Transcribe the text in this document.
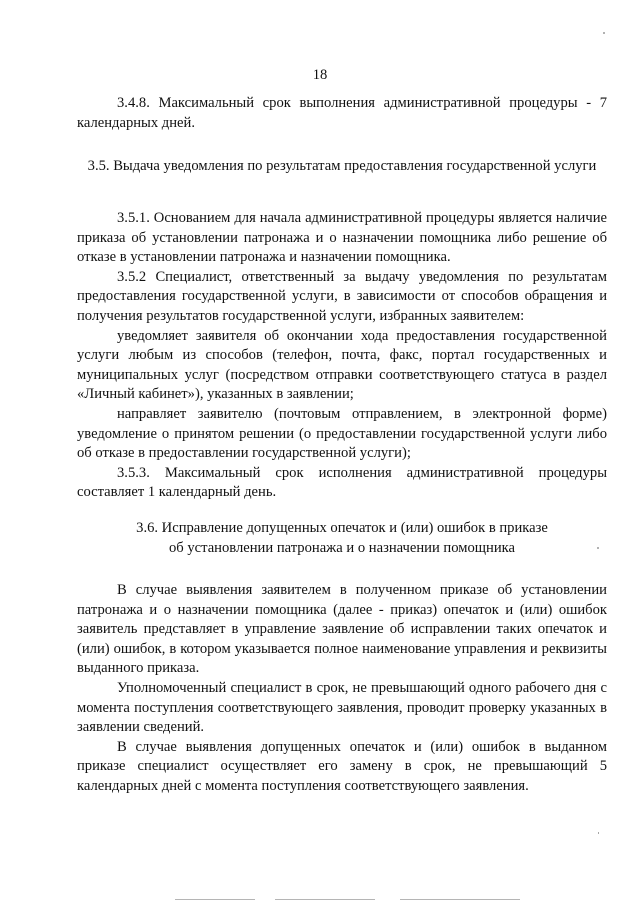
18

3.4.8. Максимальный срок выполнения административной процедуры - 7 календарных дней.

3.5. Выдача уведомления по результатам предоставления государственной услуги

3.5.1. Основанием для начала административной процедуры является наличие приказа об установлении патронажа и о назначении помощника либо решение об отказе в установлении патронажа и назначении помощника.

3.5.2 Специалист, ответственный за выдачу уведомления по результатам предоставления государственной услуги, в зависимости от способов обращения и получения результатов государственной услуги, избранных заявителем:

уведомляет заявителя об окончании хода предоставления государственной услуги любым из способов (телефон, почта, факс, портал государственных и муниципальных услуг (посредством отправки соответствующего статуса в раздел «Личный кабинет»), указанных в заявлении;

направляет заявителю (почтовым отправлением, в электронной форме) уведомление о принятом решении (о предоставлении государственной услуги либо об отказе в предоставлении государственной услуги);

3.5.3. Максимальный срок исполнения административной процедуры составляет 1 календарный день.

3.6. Исправление допущенных опечаток и (или) ошибок в приказе об установлении патронажа и о назначении помощника

В случае выявления заявителем в полученном приказе об установлении патронажа и о назначении помощника (далее - приказ) опечаток и (или) ошибок заявитель представляет в управление заявление об исправлении таких опечаток и (или) ошибок, в котором указывается полное наименование управления и реквизиты выданного приказа.

Уполномоченный специалист в срок, не превышающий одного рабочего дня с момента поступления соответствующего заявления, проводит проверку указанных в заявлении сведений.

В случае выявления допущенных опечаток и (или) ошибок в выданном приказе специалист осуществляет его замену в срок, не превышающий 5 календарных дней с момента поступления соответствующего заявления.
